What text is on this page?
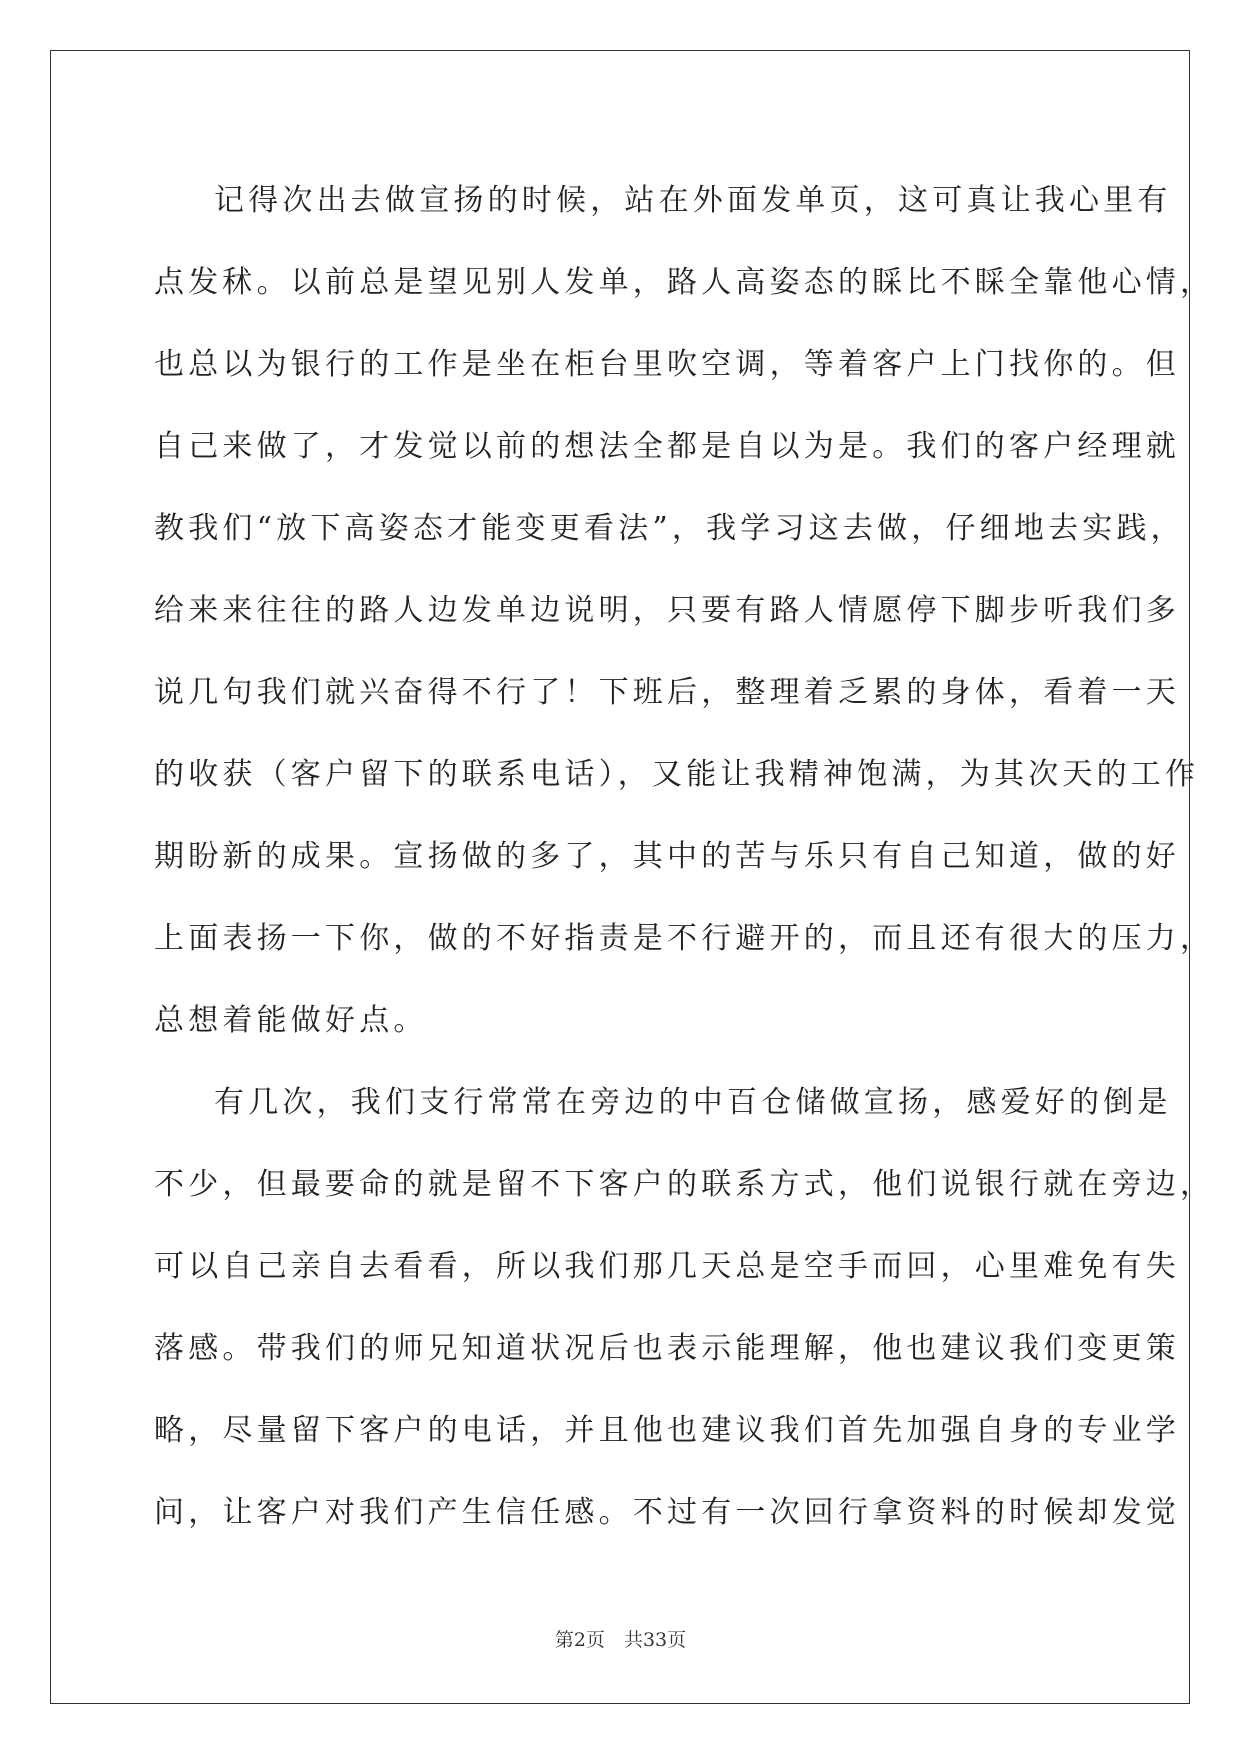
记得次出去做宣扬的时候，站在外面发单页，这可真让我心里有
点发秫。以前总是望见别人发单，路人高姿态的睬比不睬全靠他心情，
也总以为银行的工作是坐在柜台里吹空调，等着客户上门找你的。但
自己来做了，才发觉以前的想法全都是自以为是。我们的客户经理就
教我们“放下高姿态才能变更看法”，我学习这去做，仔细地去实践，
给来来往往的路人边发单边说明，只要有路人情愿停下脚步听我们多
说几句我们就兴奋得不行了！下班后，整理着乏累的身体，看着一天
的收获（客户留下的联系电话），又能让我精神饱满，为其次天的工作
期盼新的成果。宣扬做的多了，其中的苦与乐只有自己知道，做的好
上面表扬一下你，做的不好指责是不行避开的，而且还有很大的压力，
总想着能做好点。
有几次，我们支行常常在旁边的中百仓储做宣扬，感爱好的倒是
不少，但最要命的就是留不下客户的联系方式，他们说银行就在旁边，
可以自己亲自去看看，所以我们那几天总是空手而回，心里难免有失
落感。带我们的师兄知道状况后也表示能理解，他也建议我们变更策
略，尽量留下客户的电话，并且他也建议我们首先加强自身的专业学
问，让客户对我们产生信任感。不过有一次回行拿资料的时候却发觉
第2页　共33页
